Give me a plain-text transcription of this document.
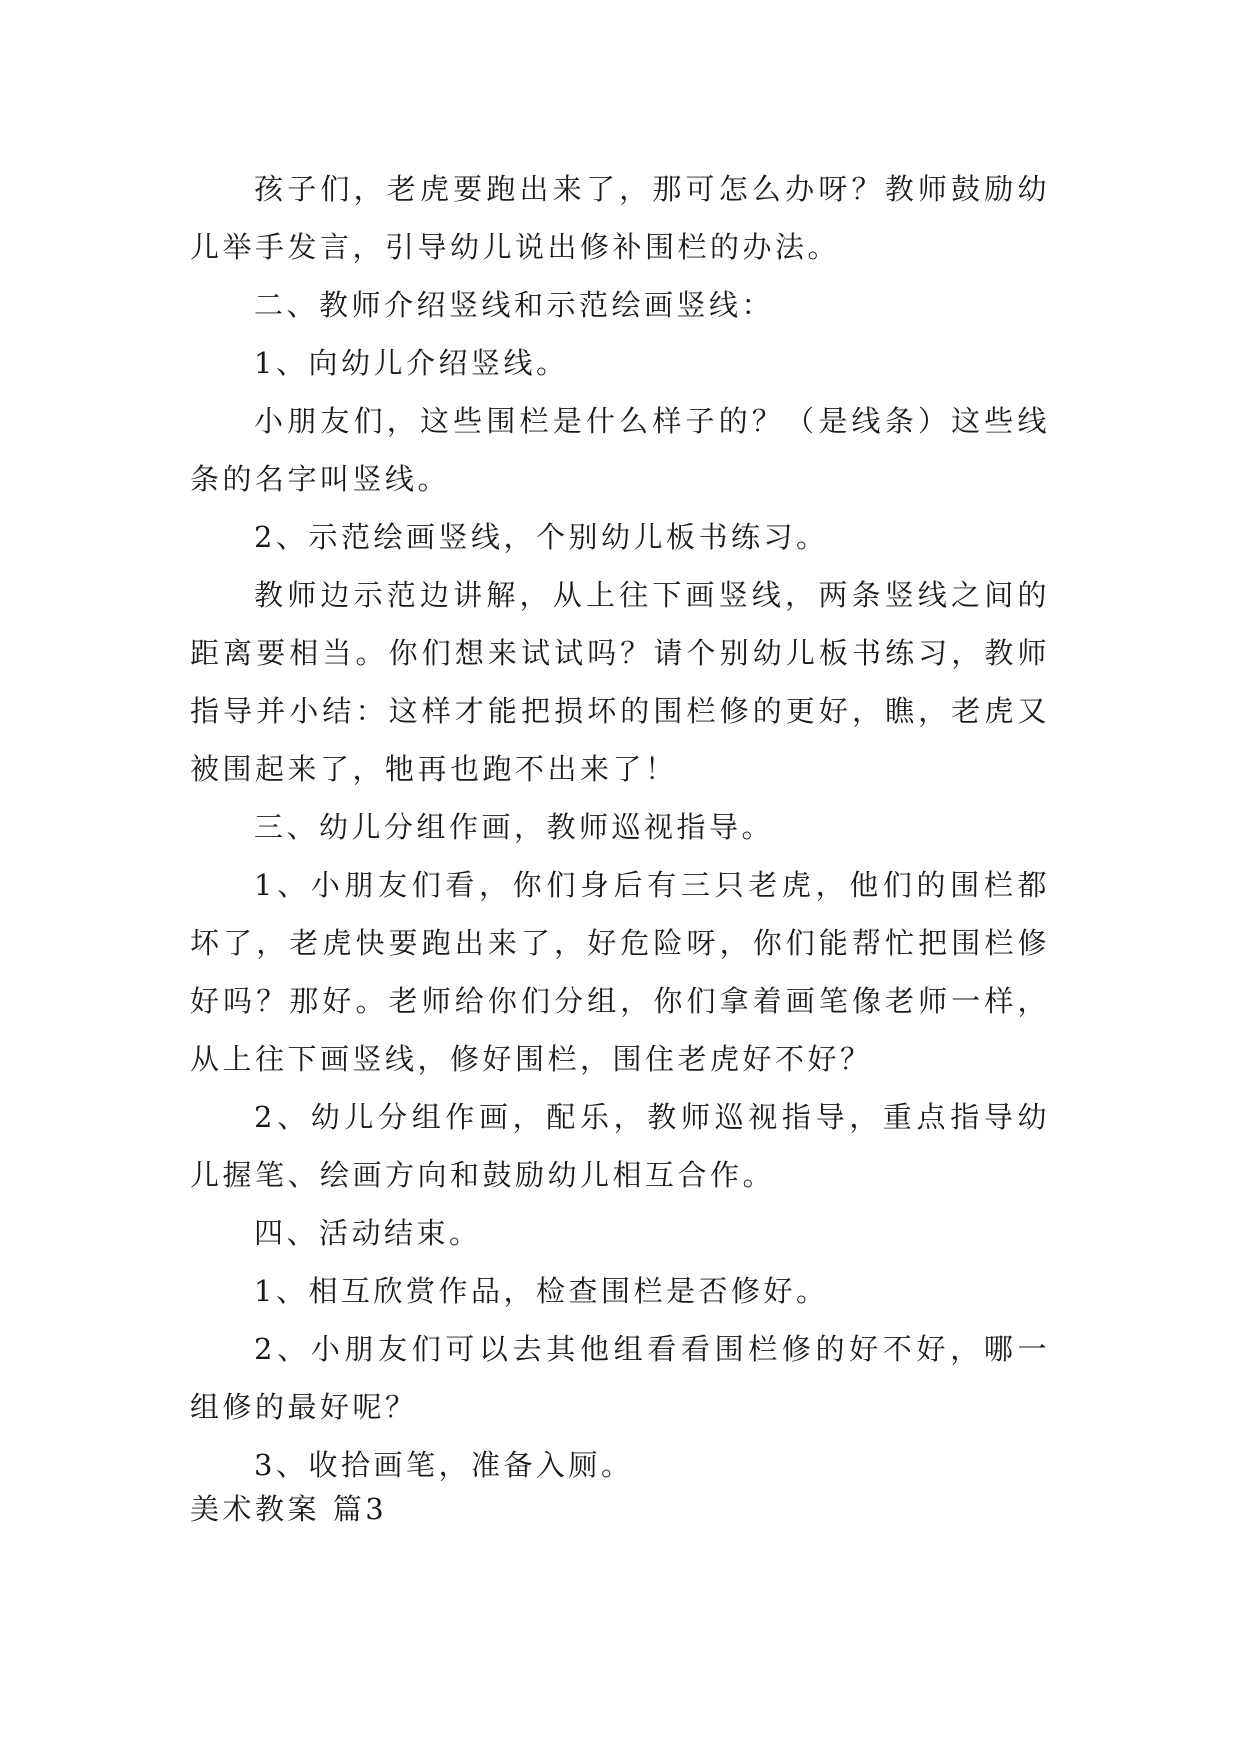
孩子们，老虎要跑出来了，那可怎么办呀？教师鼓励幼儿举手发言，引导幼儿说出修补围栏的办法。

二、教师介绍竖线和示范绘画竖线：

1、向幼儿介绍竖线。

小朋友们，这些围栏是什么样子的？（是线条）这些线条的名字叫竖线。

2、示范绘画竖线，个别幼儿板书练习。

教师边示范边讲解，从上往下画竖线，两条竖线之间的距离要相当。你们想来试试吗？请个别幼儿板书练习，教师指导并小结：这样才能把损坏的围栏修的更好，瞧，老虎又被围起来了，牠再也跑不出来了！

三、幼儿分组作画，教师巡视指导。

1、小朋友们看，你们身后有三只老虎，他们的围栏都坏了，老虎快要跑出来了，好危险呀，你们能帮忙把围栏修好吗？那好。老师给你们分组，你们拿着画笔像老师一样，从上往下画竖线，修好围栏，围住老虎好不好？

2、幼儿分组作画，配乐，教师巡视指导，重点指导幼儿握笔、绘画方向和鼓励幼儿相互合作。

四、活动结束。

1、相互欣赏作品，检查围栏是否修好。

2、小朋友们可以去其他组看看围栏修的好不好，哪一组修的最好呢？

3、收拾画笔，准备入厕。

美术教案 篇3
